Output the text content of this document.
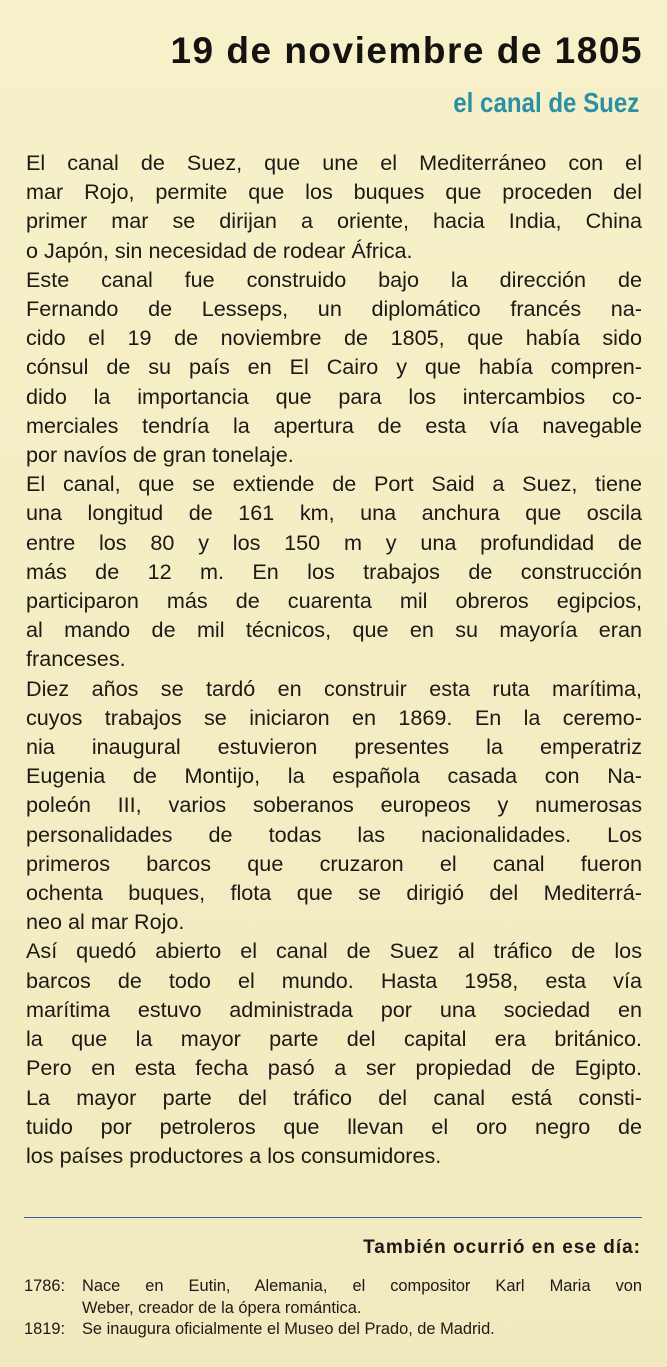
19 de noviembre de 1805
el canal de Suez
El canal de Suez, que une el Mediterráneo con el
mar Rojo, permite que los buques que proceden del
primer mar se dirijan a oriente, hacia India, China
o Japón, sin necesidad de rodear África.
Este canal fue construido bajo la dirección de
Fernando de Lesseps, un diplomático francés na-
cido el 19 de noviembre de 1805, que había sido
cónsul de su país en El Cairo y que había compren-
dido la importancia que para los intercambios co-
merciales tendría la apertura de esta vía navegable
por navíos de gran tonelaje.
El canal, que se extiende de Port Said a Suez, tiene
una longitud de 161 km, una anchura que oscila
entre los 80 y los 150 m y una profundidad de
más de 12 m. En los trabajos de construcción
participaron más de cuarenta mil obreros egipcios,
al mando de mil técnicos, que en su mayoría eran
franceses.
Diez años se tardó en construir esta ruta marítima,
cuyos trabajos se iniciaron en 1869. En la ceremo-
nia inaugural estuvieron presentes la emperatriz
Eugenia de Montijo, la española casada con Na-
poleón III, varios soberanos europeos y numerosas
personalidades de todas las nacionalidades. Los
primeros barcos que cruzaron el canal fueron
ochenta buques, flota que se dirigió del Mediterrá-
neo al mar Rojo.
Así quedó abierto el canal de Suez al tráfico de los
barcos de todo el mundo. Hasta 1958, esta vía
marítima estuvo administrada por una sociedad en
la que la mayor parte del capital era británico.
Pero en esta fecha pasó a ser propiedad de Egipto.
La mayor parte del tráfico del canal está consti-
tuido por petroleros que llevan el oro negro de
los países productores a los consumidores.
También ocurrió en ese día:
1786:	Nace en Eutin, Alemania, el compositor Karl Maria von
Weber, creador de la ópera romántica.
1819:	Se inaugura oficialmente el Museo del Prado, de Madrid.
